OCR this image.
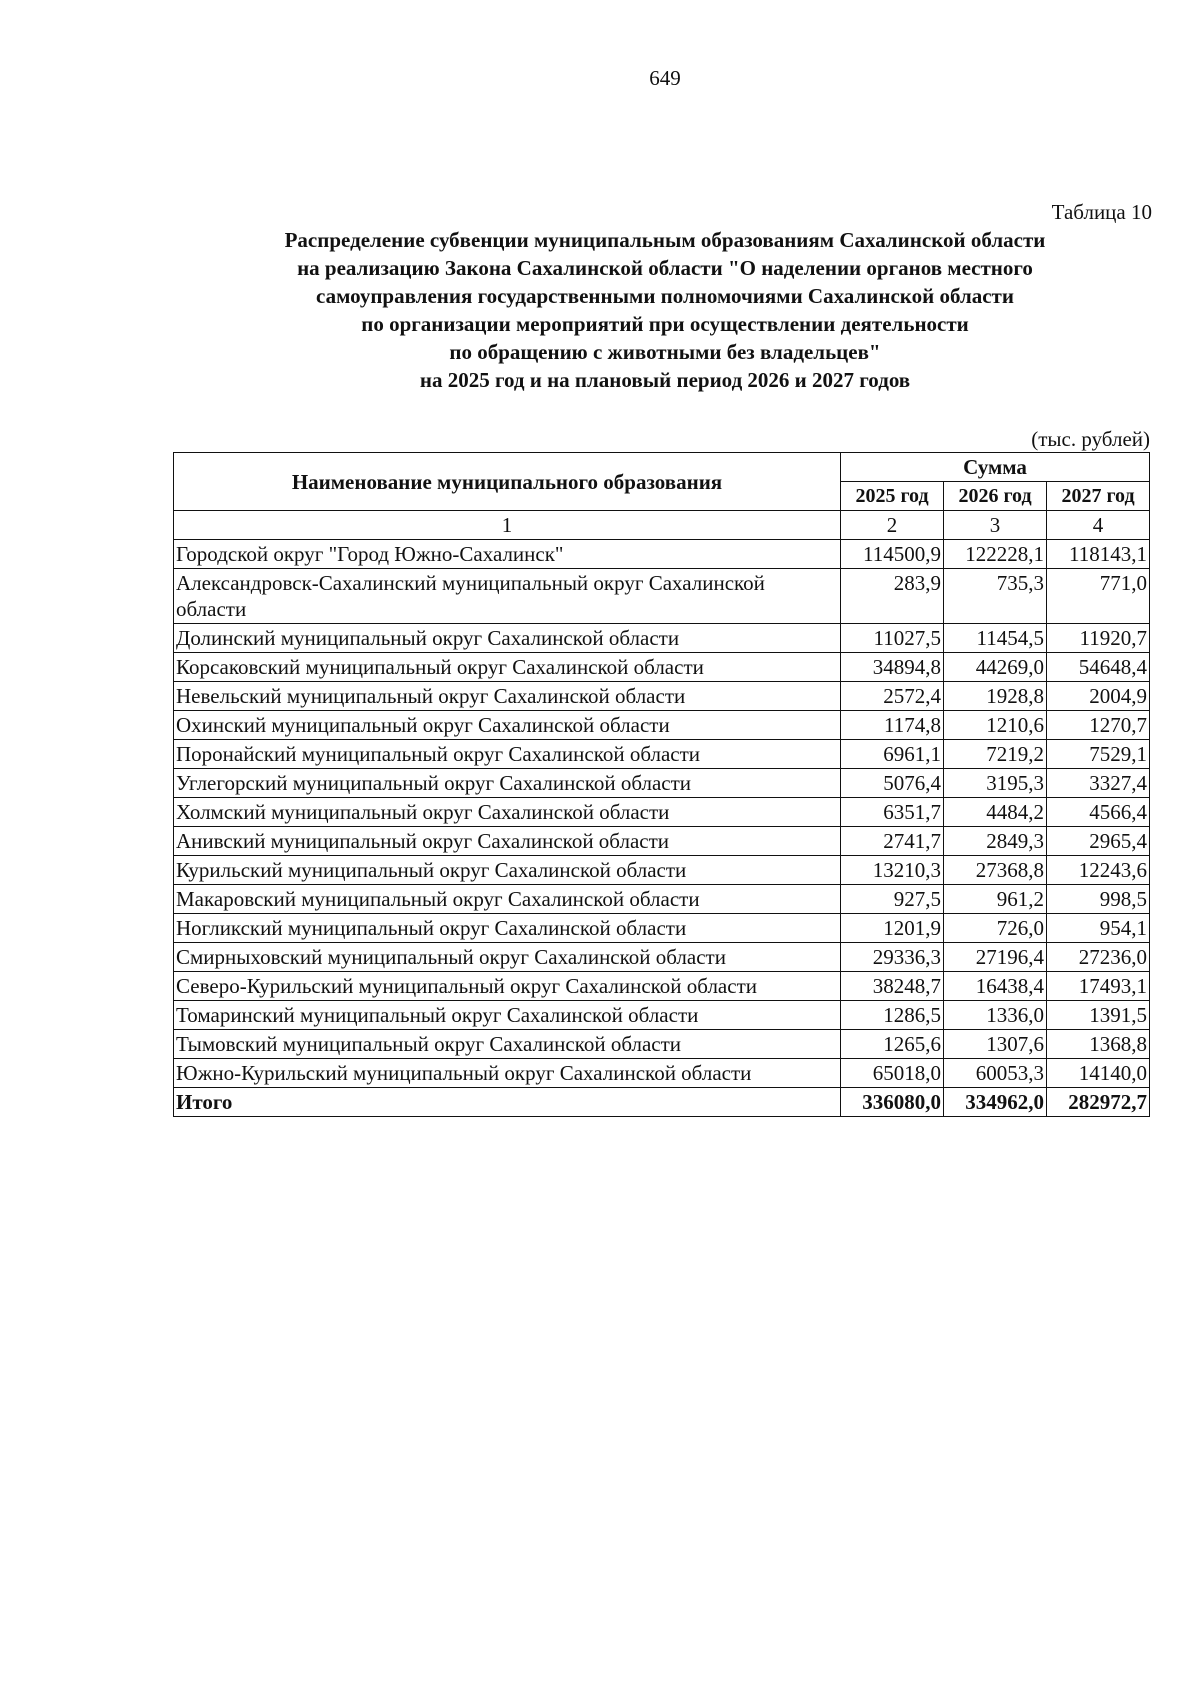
649
Таблица 10
Распределение субвенции муниципальным образованиям Сахалинской области
на реализацию Закона Сахалинской области "О наделении органов местного
самоуправления государственными полномочиями Сахалинской области
по организации мероприятий при осуществлении деятельности
по обращению с животными без владельцев"
на 2025 год и на плановый период 2026 и 2027 годов
(тыс. рублей)
Наименование муниципального образования	Сумма		
	2025 год	2026 год	2027 год
1	2	3	4
Городской округ "Город Южно-Сахалинск"	114500,9	122228,1	118143,1
Александровск-Сахалинский муниципальный округ Сахалинской области	283,9	735,3	771,0
Долинский муниципальный округ Сахалинской области	11027,5	11454,5	11920,7
Корсаковский муниципальный округ Сахалинской области	34894,8	44269,0	54648,4
Невельский муниципальный округ Сахалинской области	2572,4	1928,8	2004,9
Охинский муниципальный округ Сахалинской области	1174,8	1210,6	1270,7
Поронайский муниципальный округ Сахалинской области	6961,1	7219,2	7529,1
Углегорский муниципальный округ Сахалинской области	5076,4	3195,3	3327,4
Холмский муниципальный округ Сахалинской области	6351,7	4484,2	4566,4
Анивский муниципальный округ Сахалинской области	2741,7	2849,3	2965,4
Курильский муниципальный округ Сахалинской области	13210,3	27368,8	12243,6
Макаровский муниципальный округ Сахалинской области	927,5	961,2	998,5
Ногликский муниципальный округ Сахалинской области	1201,9	726,0	954,1
Смирныховский муниципальный округ Сахалинской области	29336,3	27196,4	27236,0
Северо-Курильский муниципальный округ Сахалинской области	38248,7	16438,4	17493,1
Томаринский муниципальный округ Сахалинской области	1286,5	1336,0	1391,5
Тымовский муниципальный округ Сахалинской области	1265,6	1307,6	1368,8
Южно-Курильский муниципальный округ Сахалинской области	65018,0	60053,3	14140,0
Итого	336080,0	334962,0	282972,7
